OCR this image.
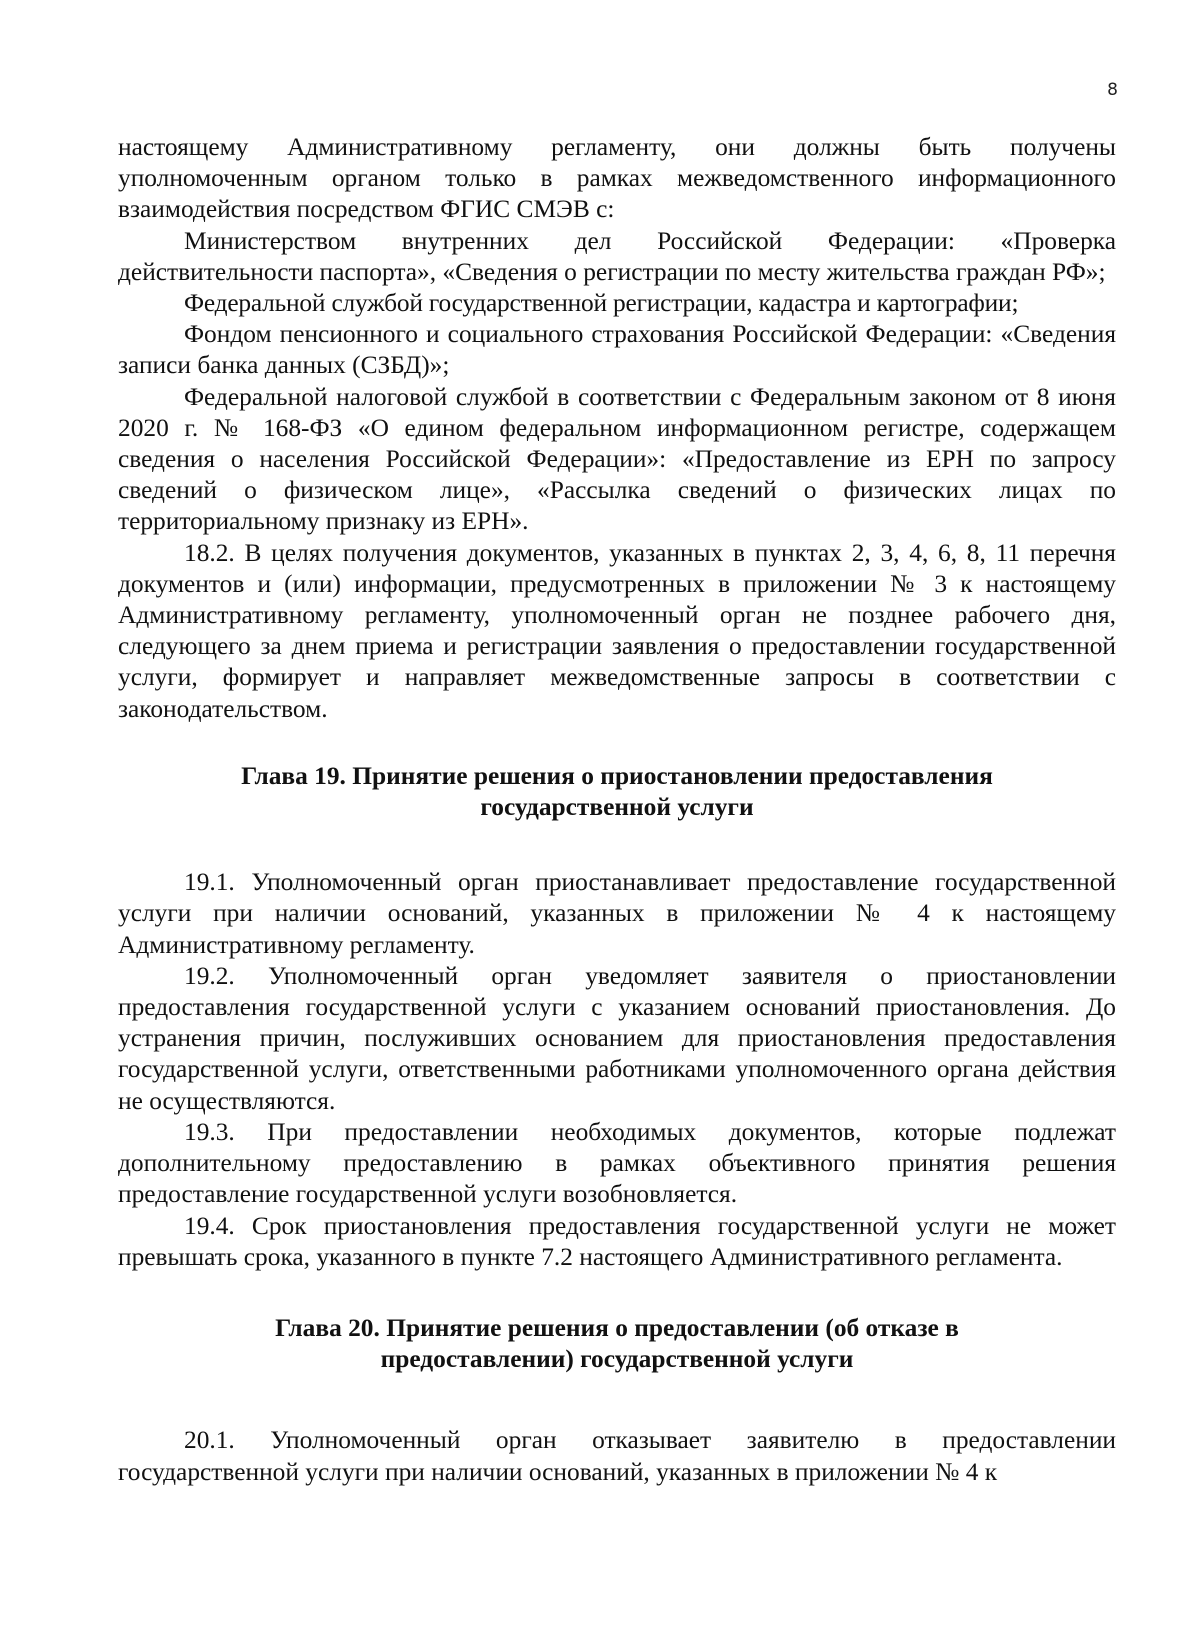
8

настоящему Административному регламенту, они должны быть получены уполномоченным органом только в рамках межведомственного информационного взаимодействия посредством ФГИС СМЭВ с:

Министерством внутренних дел Российской Федерации: «Проверка действительности паспорта», «Сведения о регистрации по месту жительства граждан РФ»;

Федеральной службой государственной регистрации, кадастра и картографии;

Фондом пенсионного и социального страхования Российской Федерации: «Сведения записи банка данных (СЗБД)»;

Федеральной налоговой службой в соответствии с Федеральным законом от 8 июня 2020 г. № 168-ФЗ «О едином федеральном информационном регистре, содержащем сведения о населения Российской Федерации»: «Предоставление из ЕРН по запросу сведений о физическом лице», «Рассылка сведений о физических лицах по территориальному признаку из ЕРН».

18.2. В целях получения документов, указанных в пунктах 2, 3, 4, 6, 8, 11 перечня документов и (или) информации, предусмотренных в приложении № 3 к настоящему Административному регламенту, уполномоченный орган не позднее рабочего дня, следующего за днем приема и регистрации заявления о предоставлении государственной услуги, формирует и направляет межведомственные запросы в соответствии с законодательством.

Глава 19. Принятие решения о приостановлении предоставления
государственной услуги

19.1. Уполномоченный орган приостанавливает предоставление государственной услуги при наличии оснований, указанных в приложении № 4 к настоящему Административному регламенту.

19.2. Уполномоченный орган уведомляет заявителя о приостановлении предоставления государственной услуги с указанием оснований приостановления. До устранения причин, послуживших основанием для приостановления предоставления государственной услуги, ответственными работниками уполномоченного органа действия не осуществляются.

19.3. При предоставлении необходимых документов, которые подлежат дополнительному предоставлению в рамках объективного принятия решения предоставление государственной услуги возобновляется.

19.4. Срок приостановления предоставления государственной услуги не может превышать срока, указанного в пункте 7.2 настоящего Административного регламента.

Глава 20. Принятие решения о предоставлении (об отказе в
предоставлении) государственной услуги

20.1. Уполномоченный орган отказывает заявителю в предоставлении государственной услуги при наличии оснований, указанных в приложении № 4 к
